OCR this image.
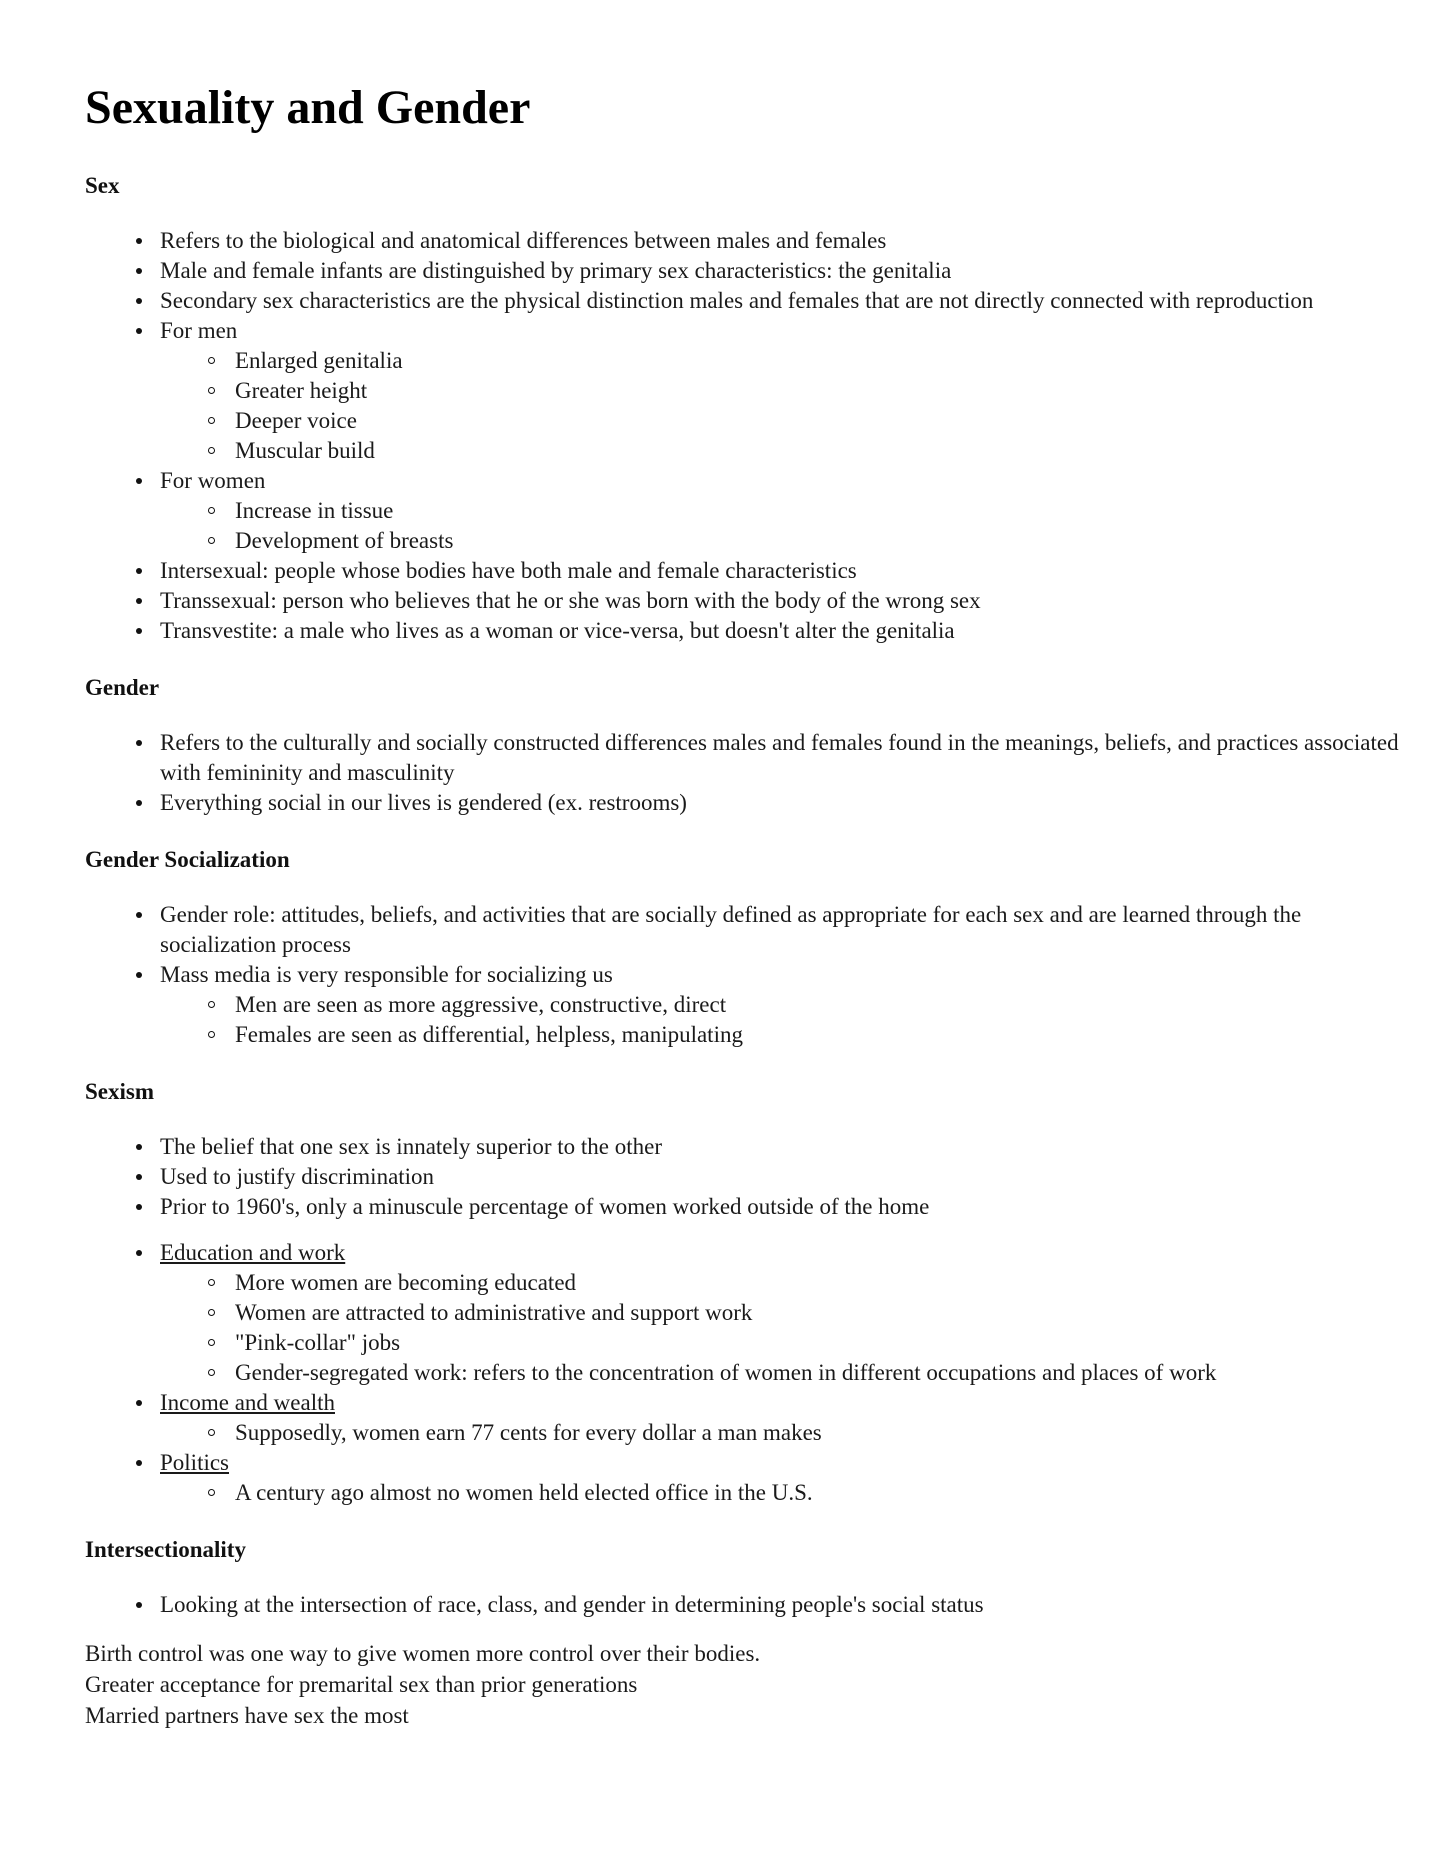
Sexuality and Gender
Sex
Refers to the biological and anatomical differences between males and females
Male and female infants are distinguished by primary sex characteristics: the genitalia
Secondary sex characteristics are the physical distinction males and females that are not directly connected with reproduction
For men
Enlarged genitalia
Greater height
Deeper voice
Muscular build
For women
Increase in tissue
Development of breasts
Intersexual: people whose bodies have both male and female characteristics
Transsexual: person who believes that he or she was born with the body of the wrong sex
Transvestite: a male who lives as a woman or vice-versa, but doesn't alter the genitalia
Gender
Refers to the culturally and socially constructed differences males and females found in the meanings, beliefs, and practices associated with femininity and masculinity
Everything social in our lives is gendered (ex. restrooms)
Gender Socialization
Gender role: attitudes, beliefs, and activities that are socially defined as appropriate for each sex and are learned through the socialization process
Mass media is very responsible for socializing us
Men are seen as more aggressive, constructive, direct
Females are seen as differential, helpless, manipulating
Sexism
The belief that one sex is innately superior to the other
Used to justify discrimination
Prior to 1960's, only a minuscule percentage of women worked outside of the home
Education and work
More women are becoming educated
Women are attracted to administrative and support work
"Pink-collar" jobs
Gender-segregated work: refers to the concentration of women in different occupations and places of work
Income and wealth
Supposedly, women earn 77 cents for every dollar a man makes
Politics
A century ago almost no women held elected office in the U.S.
Intersectionality
Looking at the intersection of race, class, and gender in determining people's social status

Birth control was one way to give women more control over their bodies.

Greater acceptance for premarital sex than prior generations

Married partners have sex the most
